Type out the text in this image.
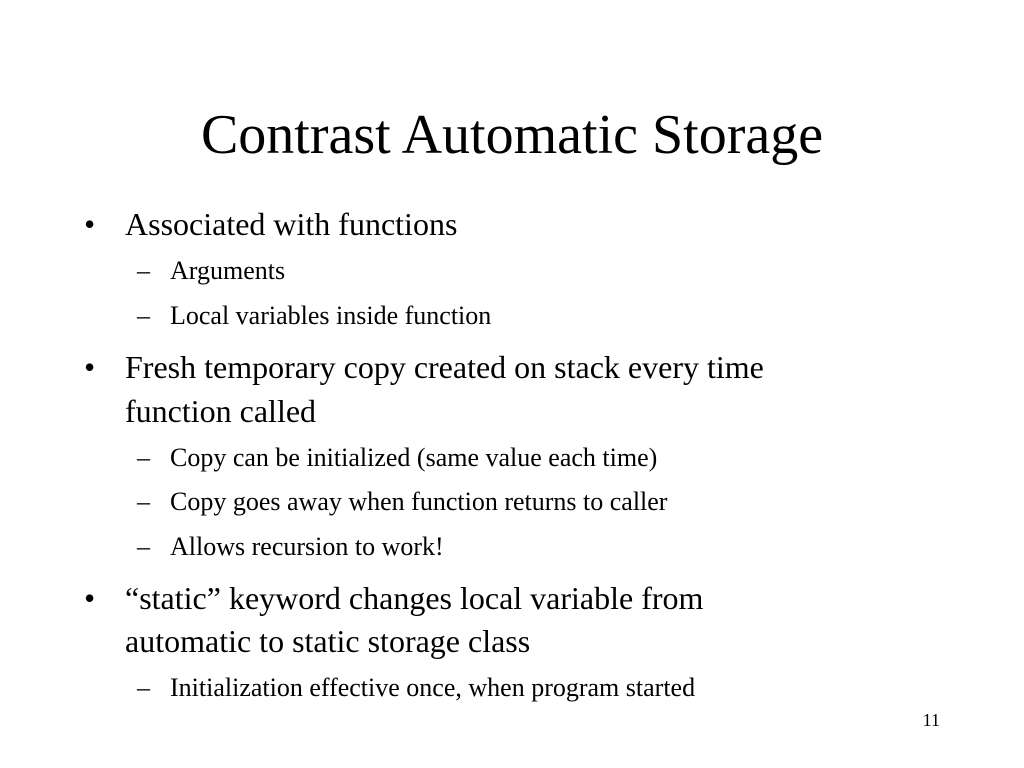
Contrast Automatic Storage
• Associated with functions
– Arguments
– Local variables inside function
• Fresh temporary copy created on stack every time
function called
– Copy can be initialized (same value each time)
– Copy goes away when function returns to caller
– Allows recursion to work!
• “static” keyword changes local variable from
automatic to static storage class
– Initialization effective once, when program started
11
